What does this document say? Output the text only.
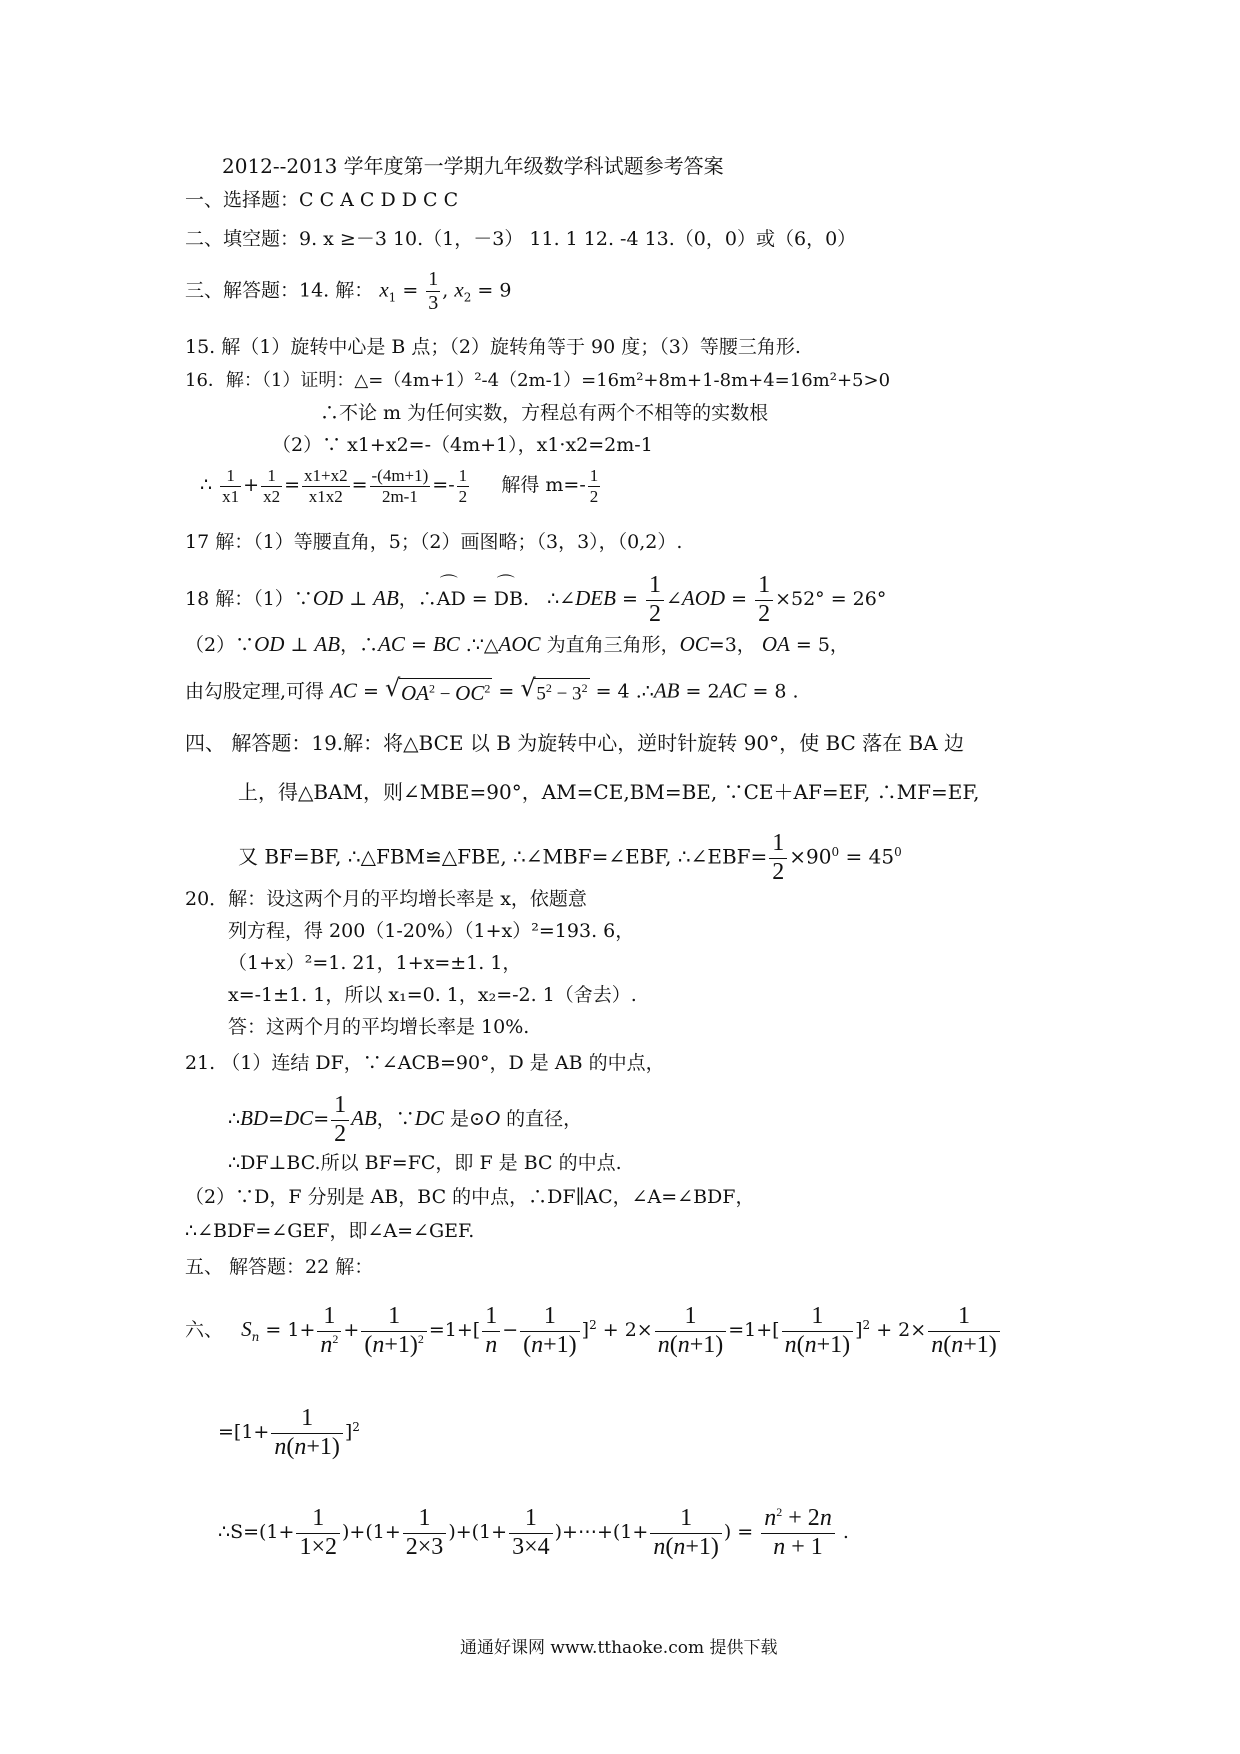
2012--2013 学年度第一学期九年级数学科试题参考答案
一、选择题：C C A C D D C C
二、填空题：9. x ≥－3 10.（1，－3） 11. 1 12. -4 13.（0，0）或（6，0）
三、解答题：14. 解： $x_1 = \frac{1}{3}$ , $x_2 = 9$
15. 解（1）旋转中心是 B 点；（2）旋转角等于 90 度；（3）等腰三角形.
16．解：（1）证明：△=（4m+1）²-4（2m-1）=16m²+8m+1-8m+4=16m²+5>0
∴不论 m 为任何实数，方程总有两个不相等的实数根
（2）∵ x1+x2=-（4m+1），x1·x2=2m-1
∴ $\frac{1}{x1} + \frac{1}{x2} = \frac{x1+x2}{x1x2} = \frac{-(4m+1)}{2m-1} =- \frac{1}{2}$ 解得 $m=- \frac{1}{2}$
17 解：（1）等腰直角，5；（2）画图略；（3，3），（0,2）.
18 解：（1）∵OD ⊥ AB，∴⌒ AD = ⌒ DB.   ∴∠DEB = $\frac{1}{2}$ ∠AOD = $\frac{1}{2} \times 52^\circ = 26^\circ$
（2）∵OD ⊥ AB，∴AC = BC .∵△AOC 为直角三角形，OC=3， OA = 5，
由勾股定理,可得 AC = √ $OA^2 - OC^2$ = √ $5^2 - 3^2 = 4$ .∴AB = 2AC = 8 .
四、 解答题：19.解：将△BCE 以 B 为旋转中心，逆时针旋转 90°，使 BC 落在 BA 边
上，得△BAM，则∠MBE=90°，AM=CE,BM=BE, ∵CE＋AF=EF, ∴MF=EF,
又 BF=BF, ∴△FBM≌△FBE, ∴∠MBF=∠EBF, ∴∠EBF= $\frac{1}{2} \times 90^0 = 45^0$
20．解：设这两个月的平均增长率是 x，依题意
列方程，得 200（1-20%）（1+x）²=193. 6，
（1+x）²=1. 21，1+x=±1. 1，
x=-1±1. 1，所以 x₁=0. 1，x₂=-2. 1（舍去）.
答：这两个月的平均增长率是 10%.
21. （1）连结 DF，∵∠ACB=90°，D 是 AB 的中点，
∴BD=DC= $\frac{1}{2}$ AB，∵DC 是⊙O 的直径，
∴DF⊥BC.所以 BF=FC，即 F 是 BC 的中点.
（2）∵D，F 分别是 AB，BC 的中点，∴DF∥AC，∠A=∠BDF，
∴∠BDF=∠GEF，即∠A=∠GEF.
五、 解答题：22 解：
六、 $S_n = 1+ \frac{1}{n^2} + \frac{1}{(n+1)^2} =1+[ \frac{1}{n} - \frac{1}{(n+1)} ]^2 + 2\times \frac{1}{n(n+1)} =1+[ \frac{1}{n(n+1)} ]^2 + 2\times \frac{1}{n(n+1)}$
$=[1+ \frac{1}{n(n+1)} ]^2$
∴S=(1+ $\frac{1}{1\times 2} )+(1+ \frac{1}{2\times 3} )+(1+ \frac{1}{3\times 4}$ )+⋯+(1+ $\frac{1}{n(n+1)}$ ) = $\frac{n^2 + 2n}{n + 1}$ .
通通好课网 www.tthaoke.com 提供下载
